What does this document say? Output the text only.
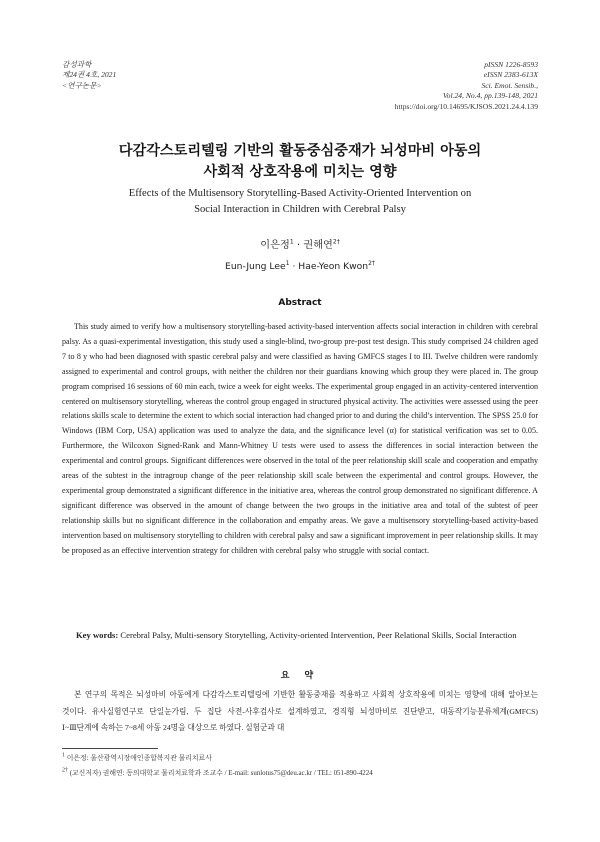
감성과학
제24권 4호, 2021
<연구논문>
pISSN 1226-8593
eISSN 2383-613X
Sci. Emot. Sensib.,
Vol.24, No.4, pp.139-148, 2021
https://doi.org/10.14695/KJSOS.2021.24.4.139
다감각스토리텔링 기반의 활동중심중재가 뇌성마비 아동의
사회적 상호작용에 미치는 영향
Effects of the Multisensory Storytelling-Based Activity-Oriented Intervention on
Social Interaction in Children with Cerebral Palsy
이은정$^1$ · 권해연$^{2\dagger}$
Eun-Jung Lee$^1$ · Hae-Yeon Kwon$^{2\dagger}$
Abstract
This study aimed to verify how a multisensory storytelling-based activity-based intervention affects social interaction in children with cerebral palsy. As a quasi-experimental investigation, this study used a single-blind, two-group pre-post test design. This study comprised 24 children aged 7 to 8 y who had been diagnosed with spastic cerebral palsy and were classified as having GMFCS stages I to III. Twelve children were randomly assigned to experimental and control groups, with neither the children nor their guardians knowing which group they were placed in. The group program comprised 16 sessions of 60 min each, twice a week for eight weeks. The experimental group engaged in an activity-centered intervention centered on multisensory storytelling, whereas the control group engaged in structured physical activity. The activities were assessed using the peer relations skills scale to determine the extent to which social interaction had changed prior to and during the child’s intervention. The SPSS 25.0 for Windows (IBM Corp, USA) application was used to analyze the data, and the significance level (α) for statistical verification was set to 0.05. Furthermore, the Wilcoxon Signed-Rank and Mann-Whitney U tests were used to assess the differences in social interaction between the experimental and control groups. Significant differences were observed in the total of the peer relationship skill scale and cooperation and empathy areas of the subtest in the intragroup change of the peer relationship skill scale between the experimental and control groups. However, the experimental group demonstrated a significant difference in the initiative area, whereas the control group demonstrated no significant difference. A significant difference was observed in the amount of change between the two groups in the initiative area and total of the subtest of peer relationship skills but no significant difference in the collaboration and empathy areas. We gave a multisensory storytelling-based activity-based intervention based on multisensory storytelling to children with cerebral palsy and saw a significant improvement in peer relationship skills. It may be proposed as an effective intervention strategy for children with cerebral palsy who struggle with social contact.
Key words:
Cerebral Palsy, Multi-sensory Storytelling, Activity-oriented Intervention, Peer Relational Skills, Social Interaction
요 약
본 연구의 목적은 뇌성마비 아동에게 다감각스토리텔링에 기반한 활동중재를 적용하고 사회적 상호작용에 미치는 영향에 대해 알아보는 것이다. 유사실험연구로 단일눈가림, 두 집단 사전-사후검사로 설계하였고, 경직형 뇌성마비로 진단받고, 대동작기능분류체계(GMFCS) Ⅰ~Ⅲ단계에 속하는 7~8세 아동 24명을 대상으로 하였다. 실험군과 대
$^1$ 이은정: 울산광역시장애인종합복지관 물리치료사
$^{2\dagger}$ (교신저자) 권해연: 동의대학교 물리치료학과 조교수 / E-mail: sunlotus75@deu.ac.kr / TEL: 051-890-4224
